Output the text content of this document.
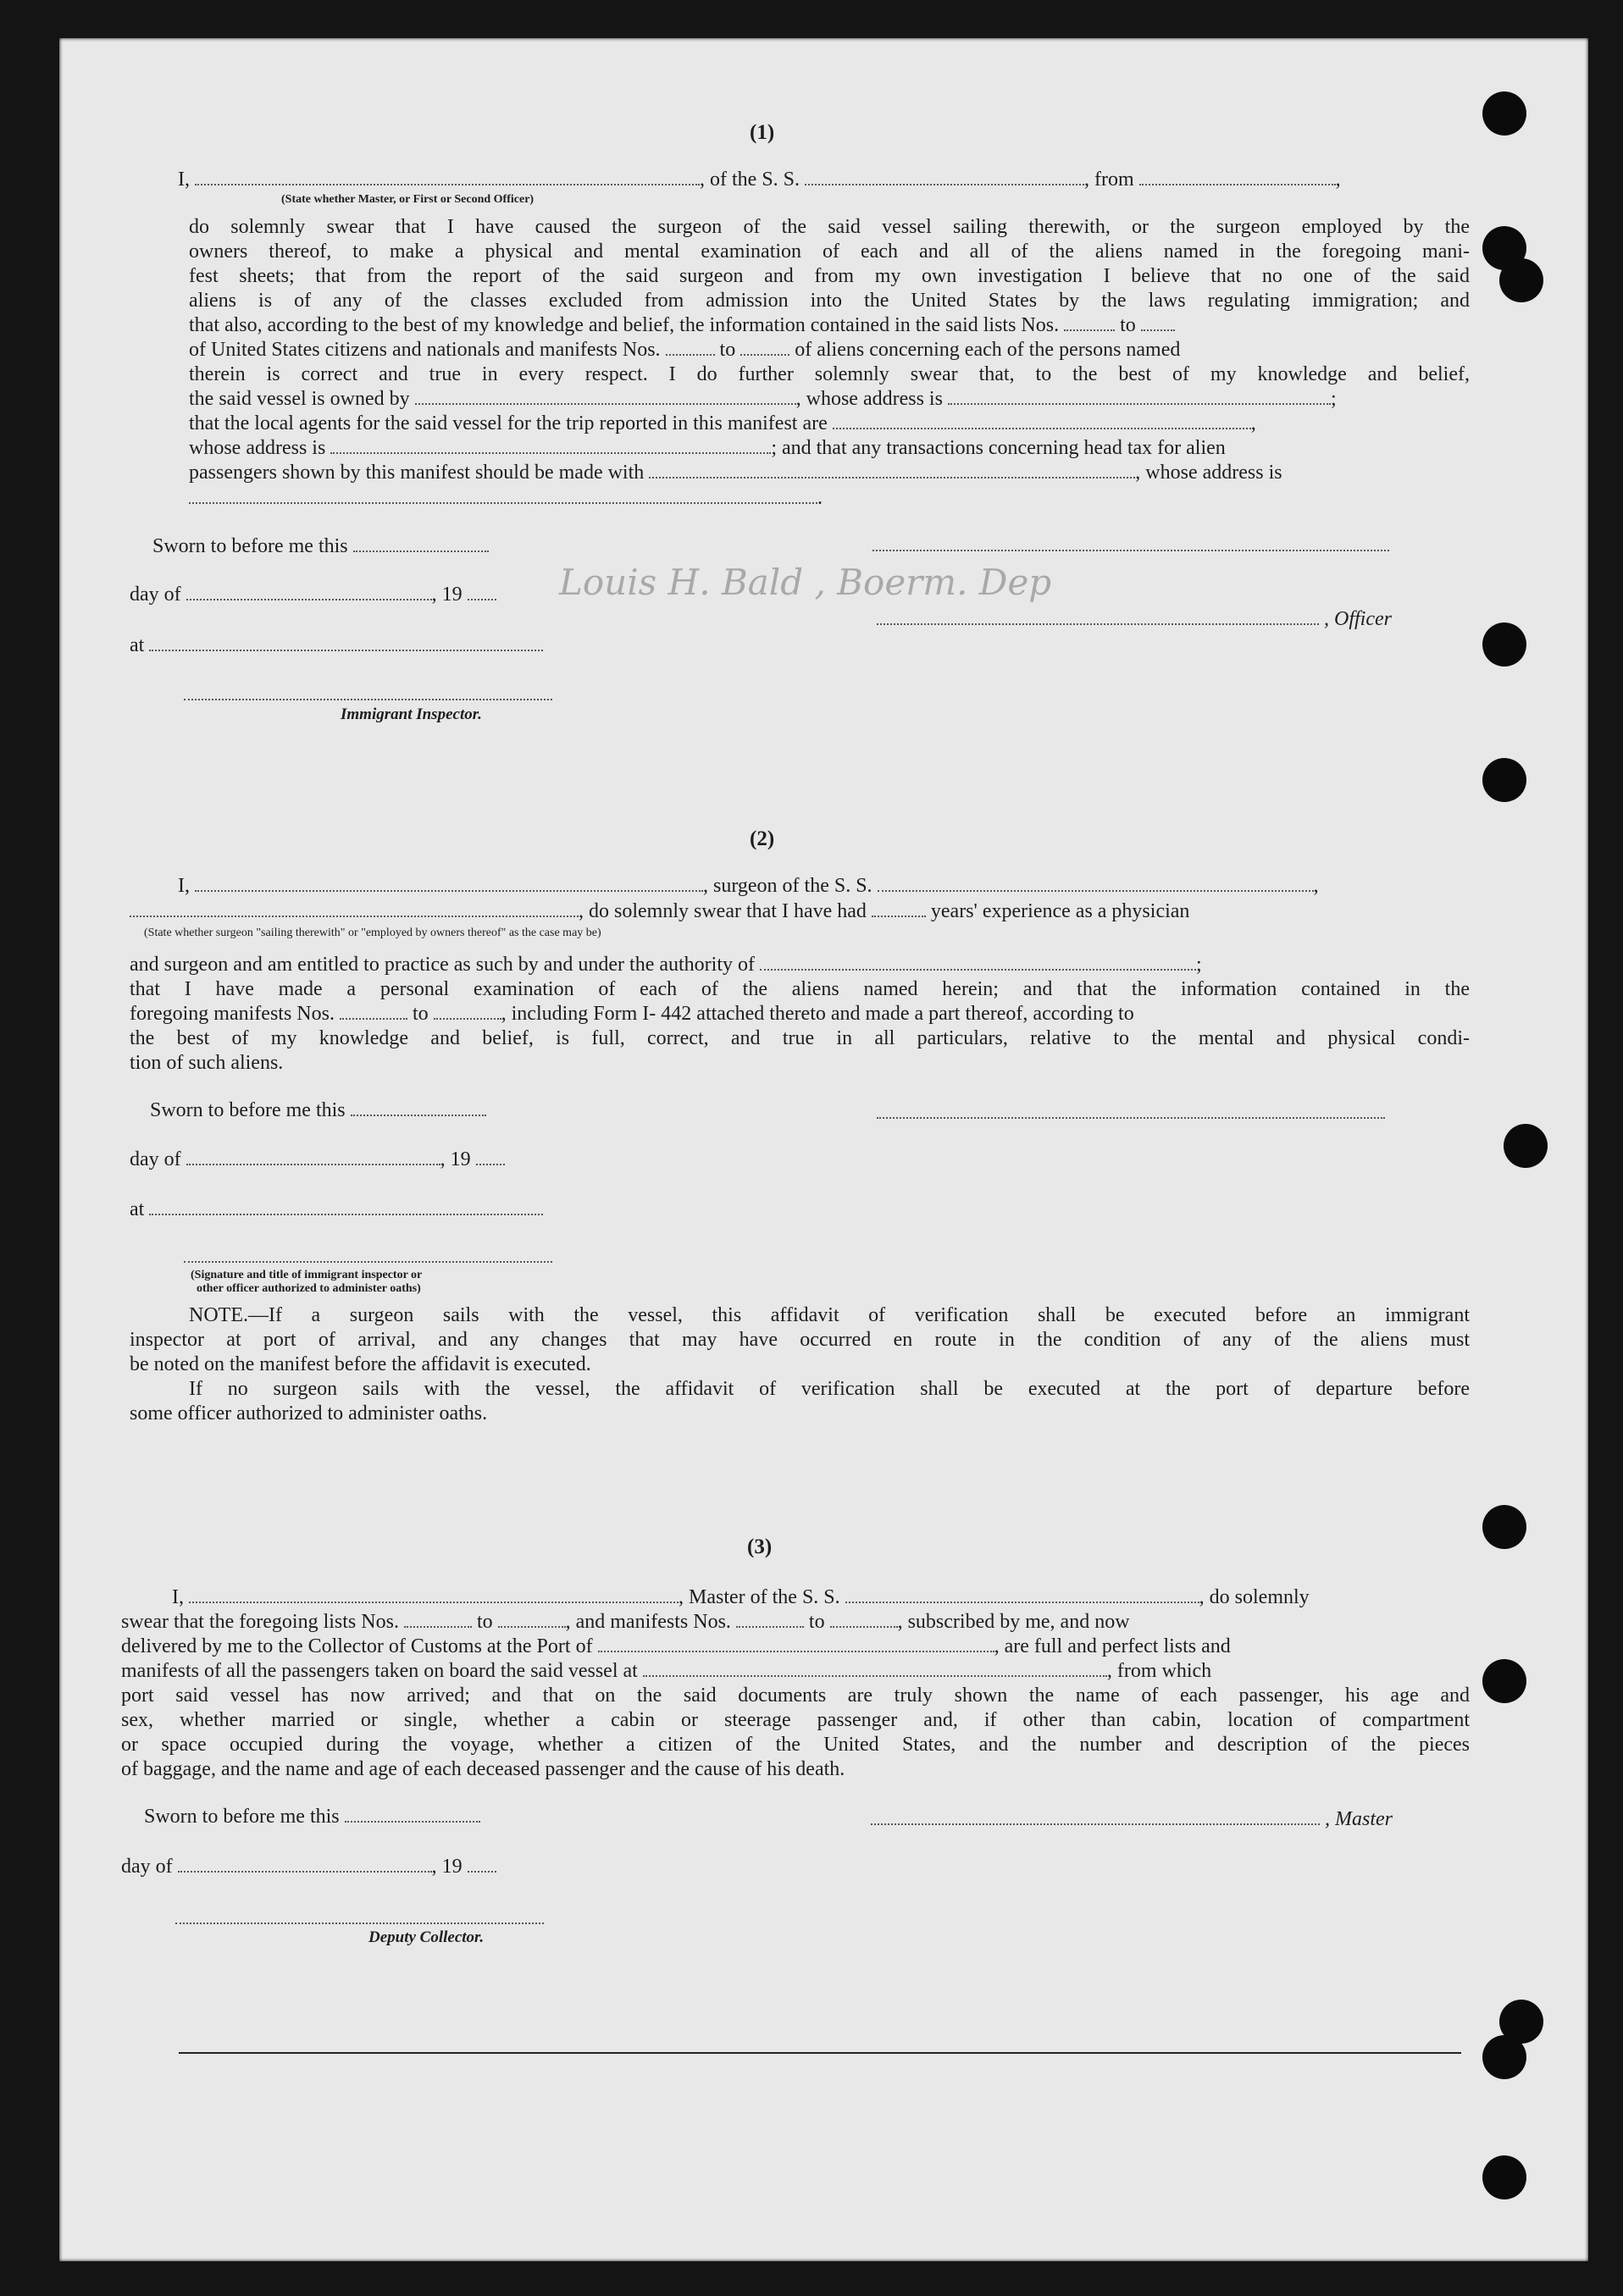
(1)
I,	, of the S. S.	, from	,
(State whether Master, or First or Second Officer)
do solemnly swear that I have caused the surgeon of the said vessel sailing therewith, or the surgeon employed by the
owners thereof, to make a physical and mental examination of each and all of the aliens named in the foregoing mani-
fest sheets; that from the report of the said surgeon and from my own investigation I believe that no one of the said
aliens is of any of the classes excluded from admission into the United States by the laws regulating immigration; and
that also, according to the best of my knowledge and belief, the information contained in the said lists Nos.	to
of United States citizens and nationals and manifests Nos.	to	of aliens concerning each of the persons named
therein is correct and true in every respect. I do further solemnly swear that, to the best of my knowledge and belief,
the said vessel is owned by	, whose address is	;
that the local agents for the said vessel for the trip reported in this manifest are	,
whose address is	; and that any transactions concerning head tax for alien
passengers shown by this manifest should be made with	, whose address is
.
Sworn to before me this
day of	, 19	Louis H. Bald , Boerm. Dep
, Officer
at
Immigrant Inspector.
(2)
I,	, surgeon of the S. S.	,
, do solemnly swear that I have had	years' experience as a physician
(State whether surgeon "sailing therewith" or "employed by owners thereof" as the case may be)
and surgeon and am entitled to practice as such by and under the authority of	;
that I have made a personal examination of each of the aliens named herein; and that the information contained in the
foregoing manifests Nos.	to	, including Form I- 442 attached thereto and made a part thereof, according to
the best of my knowledge and belief, is full, correct, and true in all particulars, relative to the mental and physical condi-
tion of such aliens.
Sworn to before me this
day of	, 19
at
(Signature and title of immigrant inspector or
other officer authorized to administer oaths)
NOTE.—If a surgeon sails with the vessel, this affidavit of verification shall be executed before an immigrant
inspector at port of arrival, and any changes that may have occurred en route in the condition of any of the aliens must
be noted on the manifest before the affidavit is executed.
If no surgeon sails with the vessel, the affidavit of verification shall be executed at the port of departure before
some officer authorized to administer oaths.
(3)
I,	, Master of the S. S.	, do solemnly
swear that the foregoing lists Nos.	to	, and manifests Nos.	to	, subscribed by me, and now
delivered by me to the Collector of Customs at the Port of	, are full and perfect lists and
manifests of all the passengers taken on board the said vessel at	, from which
port said vessel has now arrived; and that on the said documents are truly shown the name of each passenger, his age and
sex, whether married or single, whether a cabin or steerage passenger and, if other than cabin, location of compartment
or space occupied during the voyage, whether a citizen of the United States, and the number and description of the pieces
of baggage, and the name and age of each deceased passenger and the cause of his death.
Sworn to before me this	, Master
day of	, 19
Deputy Collector.
